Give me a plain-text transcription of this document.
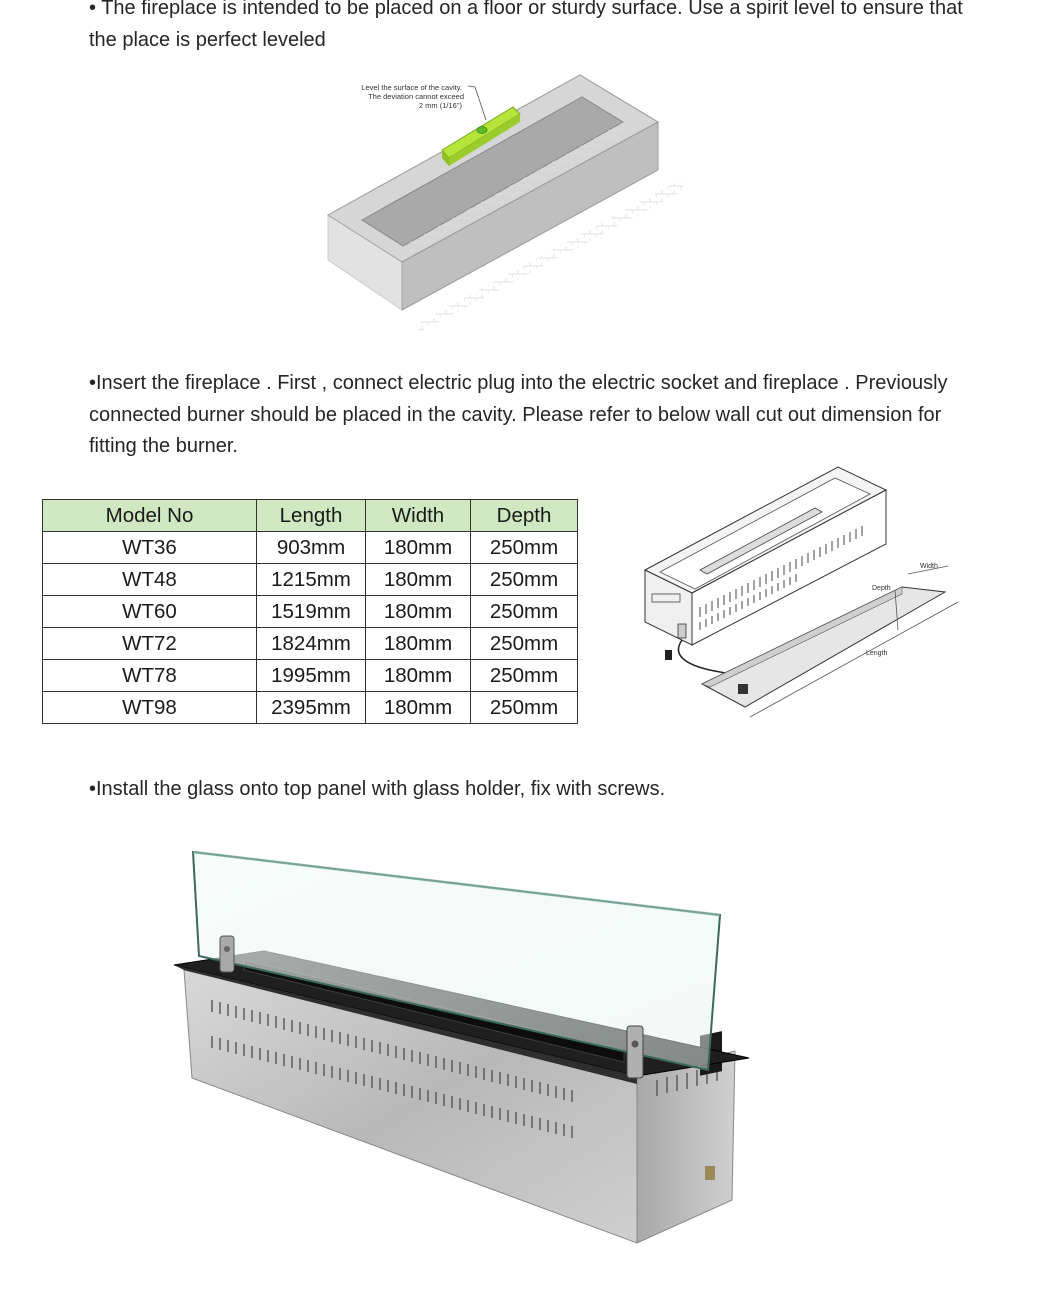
• The fireplace is intended to be placed on a floor or sturdy surface. Use a spirit level to ensure that the place is perfect leveled
Level the surface of the cavity.
The deviation cannot exceed
2 mm (1/16")
•Insert the fireplace . First , connect electric plug into the electric socket and fireplace . Previously connected burner should be placed in the cavity. Please refer to below wall cut out dimension for fitting the burner.
Model No	Length	Width	Depth
WT36	903mm	180mm	250mm
WT48	1215mm	180mm	250mm
WT60	1519mm	180mm	250mm
WT72	1824mm	180mm	250mm
WT78	1995mm	180mm	250mm
WT98	2395mm	180mm	250mm
Width
Depth
Length
•Install the glass onto top panel with glass holder, fix with screws.
